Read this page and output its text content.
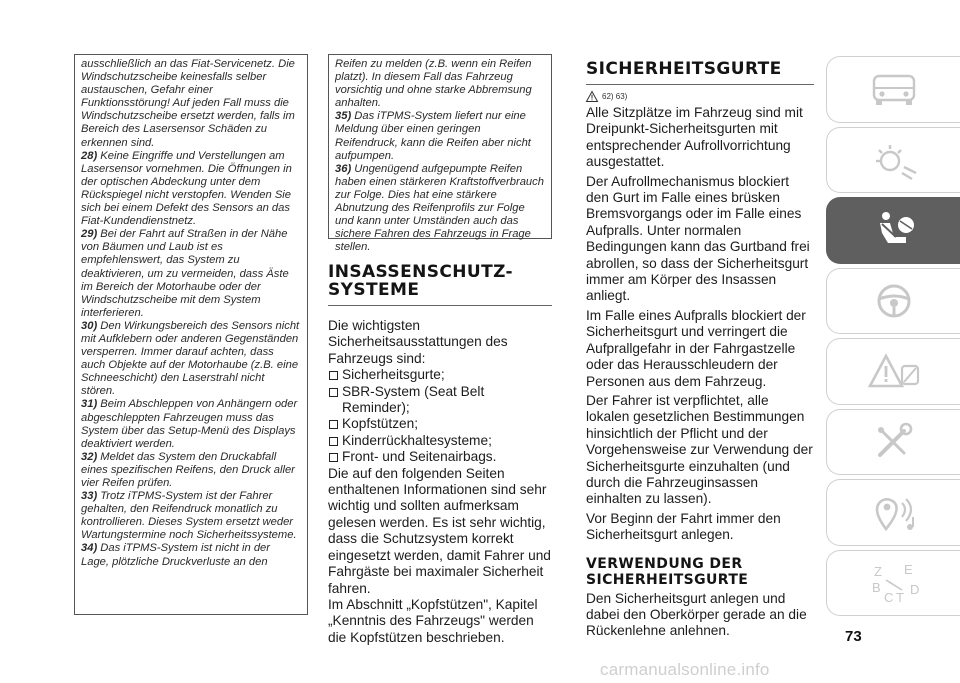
ausschließlich an das Fiat-Servicenetz. Die Windschutzscheibe keinesfalls selber austauschen, Gefahr einer Funktionsstörung! Auf jeden Fall muss die Windschutzscheibe ersetzt werden, falls im Bereich des Lasersensor Schäden zu erkennen sind.

28) Keine Eingriffe und Verstellungen am Lasersensor vornehmen. Die Öffnungen in der optischen Abdeckung unter dem Rückspiegel nicht verstopfen. Wenden Sie sich bei einem Defekt des Sensors an das Fiat-Kundendienstnetz.

29) Bei der Fahrt auf Straßen in der Nähe von Bäumen und Laub ist es empfehlenswert, das System zu deaktivieren, um zu vermeiden, dass Äste im Bereich der Motorhaube oder der Windschutzscheibe mit dem System interferieren.

30) Den Wirkungsbereich des Sensors nicht mit Aufklebern oder anderen Gegenständen versperren. Immer darauf achten, dass auch Objekte auf der Motorhaube (z.B. eine Schneeschicht) den Laserstrahl nicht stören.

31) Beim Abschleppen von Anhängern oder abgeschleppten Fahrzeugen muss das System über das Setup-Menü des Displays deaktiviert werden.

32) Meldet das System den Druckabfall eines spezifischen Reifens, den Druck aller vier Reifen prüfen.

33) Trotz iTPMS-System ist der Fahrer gehalten, den Reifendruck monatlich zu kontrollieren. Dieses System ersetzt weder Wartungstermine noch Sicherheitssysteme.

34) Das iTPMS-System ist nicht in der Lage, plötzliche Druckverluste an den

Reifen zu melden (z.B. wenn ein Reifen platzt). In diesem Fall das Fahrzeug vorsichtig und ohne starke Abbremsung anhalten.

35) Das iTPMS-System liefert nur eine Meldung über einen geringen Reifendruck, kann die Reifen aber nicht aufpumpen.

36) Ungenügend aufgepumpte Reifen haben einen stärkeren Kraftstoffverbrauch zur Folge. Dies hat eine stärkere Abnutzung des Reifenprofils zur Folge und kann unter Umständen auch das sichere Fahren des Fahrzeugs in Frage stellen.

INSASSENSCHUTZ-SYSTEME

Die wichtigsten Sicherheitsausstattungen des Fahrzeugs sind:

Sicherheitsgurte;
SBR-System (Seat Belt Reminder);
Kopfstützen;
Kinderrückhaltesysteme;
Front- und Seitenairbags.

Die auf den folgenden Seiten enthaltenen Informationen sind sehr wichtig und sollten aufmerksam gelesen werden. Es ist sehr wichtig, dass die Schutzsystem korrekt eingesetzt werden, damit Fahrer und Fahrgäste bei maximaler Sicherheit fahren.

Im Abschnitt „Kopfstützen", Kapitel „Kenntnis des Fahrzeugs" werden die Kopfstützen beschrieben.

SICHERHEITSGURTE
62) 63)

Alle Sitzplätze im Fahrzeug sind mit Dreipunkt-Sicherheitsgurten mit entsprechender Aufrollvorrichtung ausgestattet.

Der Aufrollmechanismus blockiert den Gurt im Falle eines brüsken Bremsvorgangs oder im Falle eines Aufpralls. Unter normalen Bedingungen kann das Gurtband frei abrollen, so dass der Sicherheitsgurt immer am Körper des Insassen anliegt.

Im Falle eines Aufpralls blockiert der Sicherheitsgurt und verringert die Aufprallgefahr in der Fahrgastzelle oder das Herausschleudern der Personen aus dem Fahrzeug.

Der Fahrer ist verpflichtet, alle lokalen gesetzlichen Bestimmungen hinsichtlich der Pflicht und der Vorgehensweise zur Verwendung der Sicherheitsgurte einzuhalten (und durch die Fahrzeuginsassen einhalten zu lassen).

Vor Beginn der Fahrt immer den Sicherheitsgurt anlegen.

VERWENDUNG DER SICHERHEITSGURTE

Den Sicherheitsgurt anlegen und dabei den Oberkörper gerade an die Rückenlehne anlehnen.

Z E
B
C T
D
73
carmanualsonline.info
